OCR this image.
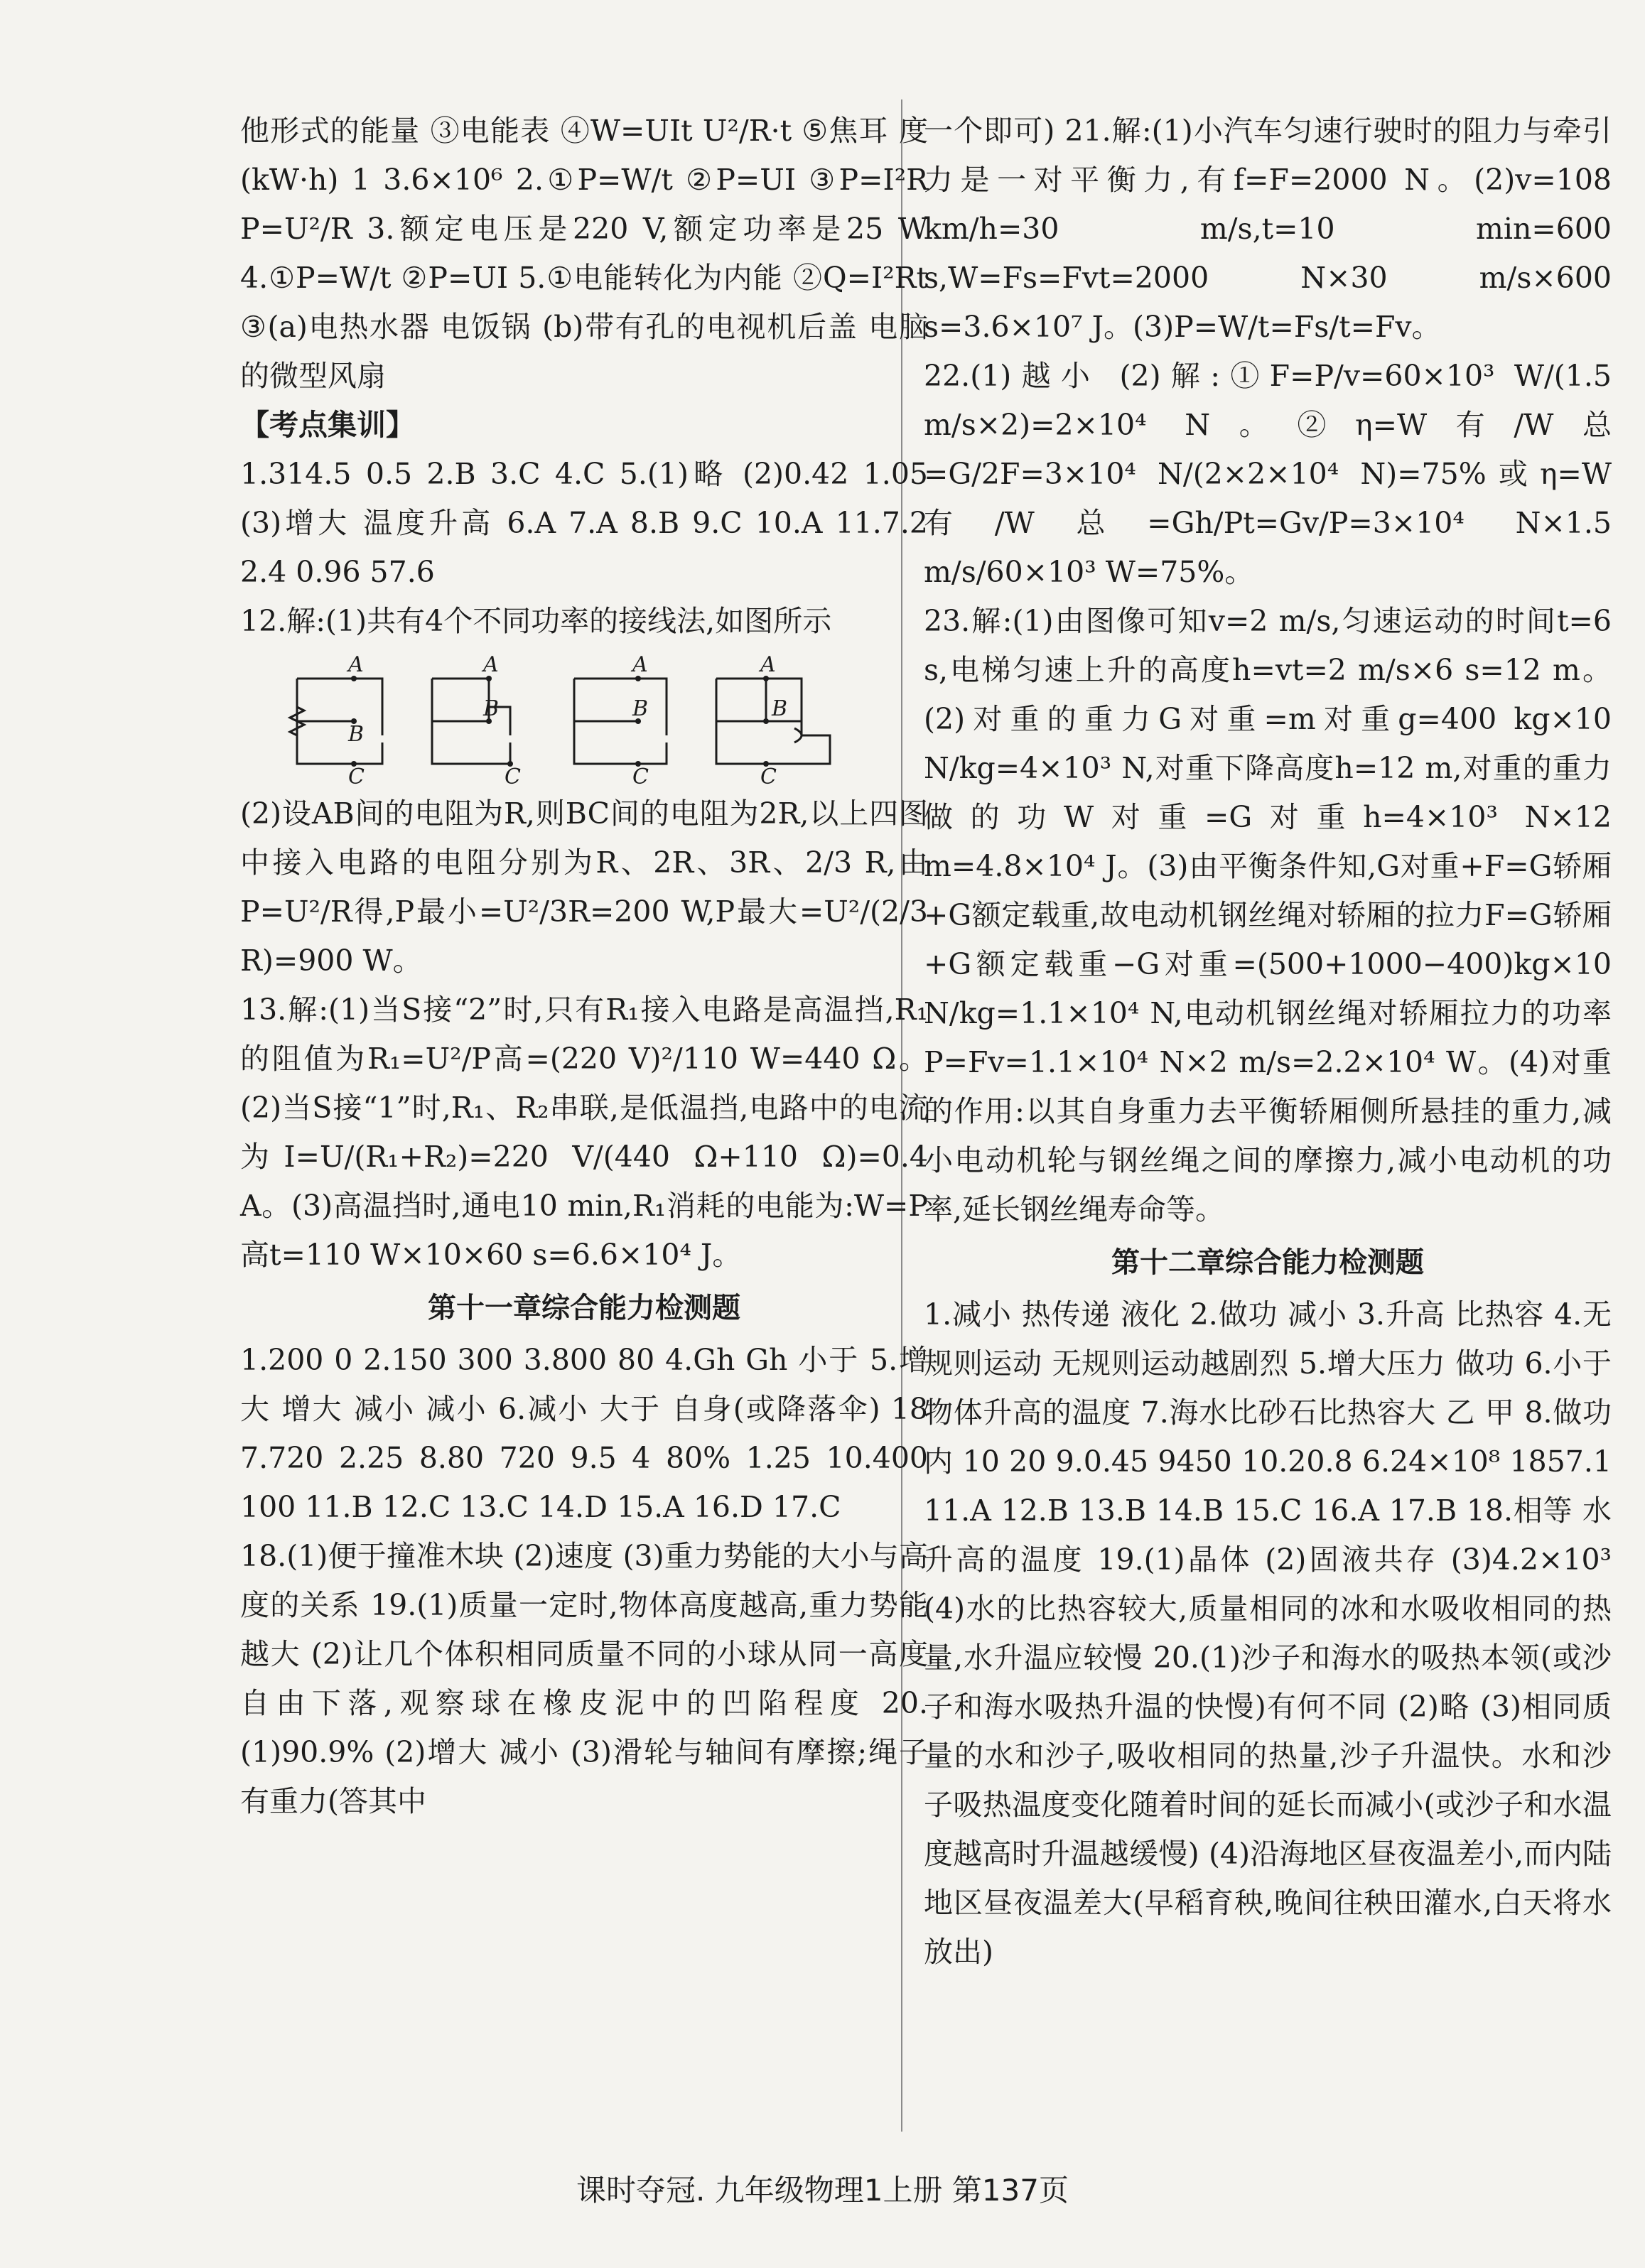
他形式的能量 ③电能表 ④W=UIt U²/R·t ⑤焦耳 度(kW·h) 1 3.6×10⁶ 2.①P=W/t ②P=UI ③P=I²R P=U²/R 3.额定电压是220 V,额定功率是25 W 4.①P=W/t ②P=UI 5.①电能转化为内能 ②Q=I²Rt ③(a)电热水器 电饭锅 (b)带有孔的电视机后盖 电脑的微型风扇

【考点集训】

1.314.5 0.5 2.B 3.C 4.C 5.(1)略 (2)0.42 1.05 (3)增大 温度升高 6.A 7.A 8.B 9.C 10.A 11.7.2 2.4 0.96 57.6

12.解:(1)共有4个不同功率的接线法,如图所示

A
B
C
A
B
C
A
B
C
A
B
C

(2)设AB间的电阻为R,则BC间的电阻为2R,以上四图中接入电路的电阻分别为R、2R、3R、2/3 R,由P=U²/R得,P最小=U²/3R=200 W,P最大=U²/(2/3 R)=900 W。

13.解:(1)当S接“2”时,只有R₁接入电路是高温挡,R₁的阻值为R₁=U²/P高=(220 V)²/110 W=440 Ω。(2)当S接“1”时,R₁、R₂串联,是低温挡,电路中的电流为I=U/(R₁+R₂)=220 V/(440 Ω+110 Ω)=0.4 A。(3)高温挡时,通电10 min,R₁消耗的电能为:W=P高t=110 W×10×60 s=6.6×10⁴ J。

第十一章综合能力检测题

1.200 0 2.150 300 3.800 80 4.Gh Gh 小于 5.增大 增大 减小 减小 6.减小 大于 自身(或降落伞) 18 7.720 2.25 8.80 720 9.5 4 80% 1.25 10.400 100 11.B 12.C 13.C 14.D 15.A 16.D 17.C

18.(1)便于撞准木块 (2)速度 (3)重力势能的大小与高度的关系 19.(1)质量一定时,物体高度越高,重力势能越大 (2)让几个体积相同质量不同的小球从同一高度自由下落,观察球在橡皮泥中的凹陷程度 20.(1)90.9% (2)增大 减小 (3)滑轮与轴间有摩擦;绳子有重力(答其中

一个即可) 21.解:(1)小汽车匀速行驶时的阻力与牵引力是一对平衡力,有f=F=2000 N。(2)v=108 km/h=30 m/s,t=10 min=600 s,W=Fs=Fvt=2000 N×30 m/s×600 s=3.6×10⁷ J。(3)P=W/t=Fs/t=Fv。

22.(1)越小 (2)解:①F=P/v=60×10³ W/(1.5 m/s×2)=2×10⁴ N。②η=W有/W总=G/2F=3×10⁴ N/(2×2×10⁴ N)=75%或η=W有/W总=Gh/Pt=Gv/P=3×10⁴ N×1.5 m/s/60×10³ W=75%。

23.解:(1)由图像可知v=2 m/s,匀速运动的时间t=6 s,电梯匀速上升的高度h=vt=2 m/s×6 s=12 m。(2)对重的重力G对重=m对重g=400 kg×10 N/kg=4×10³ N,对重下降高度h=12 m,对重的重力做的功W对重=G对重h=4×10³ N×12 m=4.8×10⁴ J。(3)由平衡条件知,G对重+F=G轿厢+G额定载重,故电动机钢丝绳对轿厢的拉力F=G轿厢+G额定载重−G对重=(500+1000−400)kg×10 N/kg=1.1×10⁴ N,电动机钢丝绳对轿厢拉力的功率P=Fv=1.1×10⁴ N×2 m/s=2.2×10⁴ W。(4)对重的作用:以其自身重力去平衡轿厢侧所悬挂的重力,减小电动机轮与钢丝绳之间的摩擦力,减小电动机的功率,延长钢丝绳寿命等。

第十二章综合能力检测题

1.减小 热传递 液化 2.做功 减小 3.升高 比热容 4.无规则运动 无规则运动越剧烈 5.增大压力 做功 6.小于 物体升高的温度 7.海水比砂石比热容大 乙 甲 8.做功 内 10 20 9.0.45 9450 10.20.8 6.24×10⁸ 1857.1 11.A 12.B 13.B 14.B 15.C 16.A 17.B 18.相等 水升高的温度 19.(1)晶体 (2)固液共存 (3)4.2×10³ (4)水的比热容较大,质量相同的冰和水吸收相同的热量,水升温应较慢 20.(1)沙子和海水的吸热本领(或沙子和海水吸热升温的快慢)有何不同 (2)略 (3)相同质量的水和沙子,吸收相同的热量,沙子升温快。水和沙子吸热温度变化随着时间的延长而减小(或沙子和水温度越高时升温越缓慢) (4)沿海地区昼夜温差小,而内陆地区昼夜温差大(早稻育秧,晚间往秧田灌水,白天将水放出)

课时夺冠. 九年级物理1上册 第137页
